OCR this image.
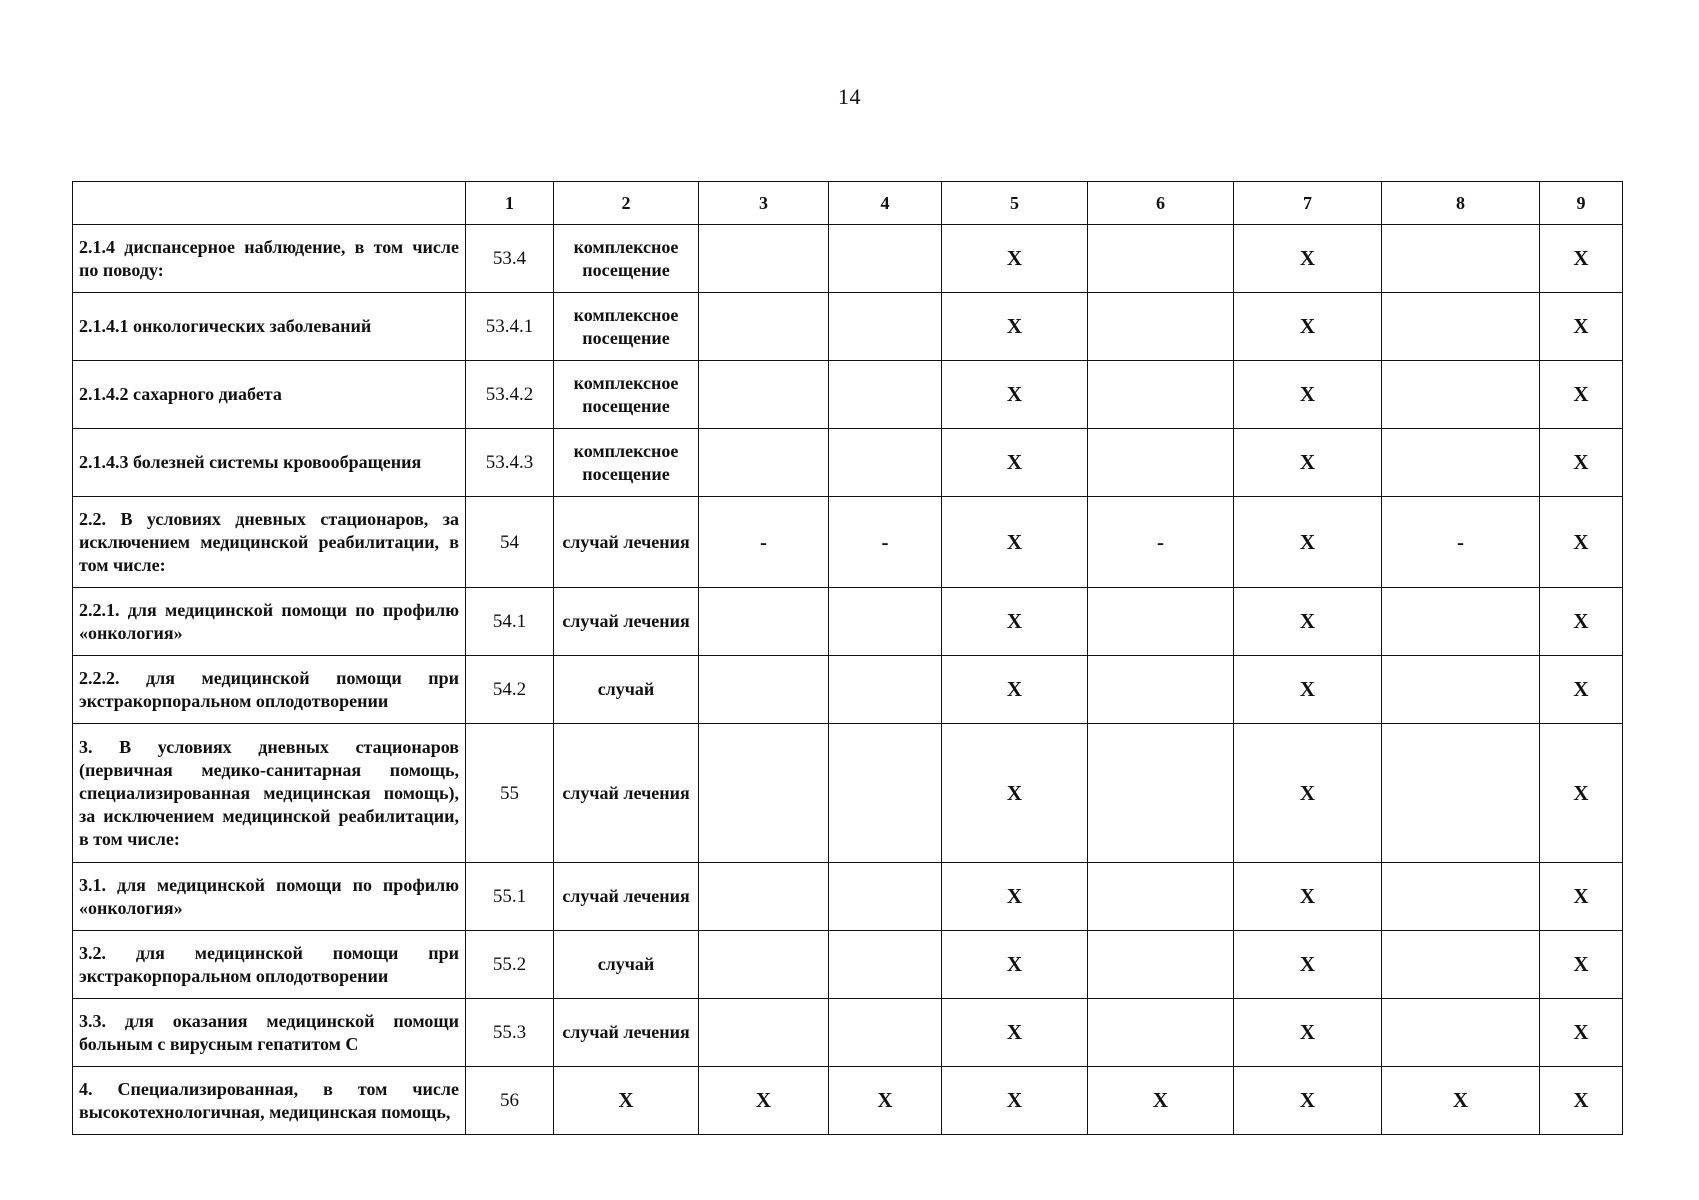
14
	1	2	3	4	5	6	7	8	9
2.1.4 диспансерное наблюдение, в том числе по поводу:	53.4	комплексное посещение			X		X		X
2.1.4.1 онкологических заболеваний	53.4.1	комплексное посещение			X		X		X
2.1.4.2 сахарного диабета	53.4.2	комплексное посещение			X		X		X
2.1.4.3 болезней системы кровообращения	53.4.3	комплексное посещение			X		X		X
2.2. В условиях дневных стационаров, за исключением медицинской реабилитации, в том числе:	54	случай лечения	-	-	X	-	X	-	X
2.2.1. для медицинской помощи по профилю «онкология»	54.1	случай лечения			X		X		X
2.2.2. для медицинской помощи при экстракорпоральном оплодотворении	54.2	случай			X		X		X
3. В условиях дневных стационаров (первичная медико-санитарная помощь, специализированная медицинская помощь), за исключением медицинской реабилитации, в том числе:	55	случай лечения			X		X		X
3.1. для медицинской помощи по профилю «онкология»	55.1	случай лечения			X		X		X
3.2. для медицинской помощи при экстракорпоральном оплодотворении	55.2	случай			X		X		X
3.3. для оказания медицинской помощи больным с вирусным гепатитом С	55.3	случай лечения			X		X		X
4. Специализированная, в том числе высокотехнологичная, медицинская помощь,	56	X	X	X	X	X	X	X	X
